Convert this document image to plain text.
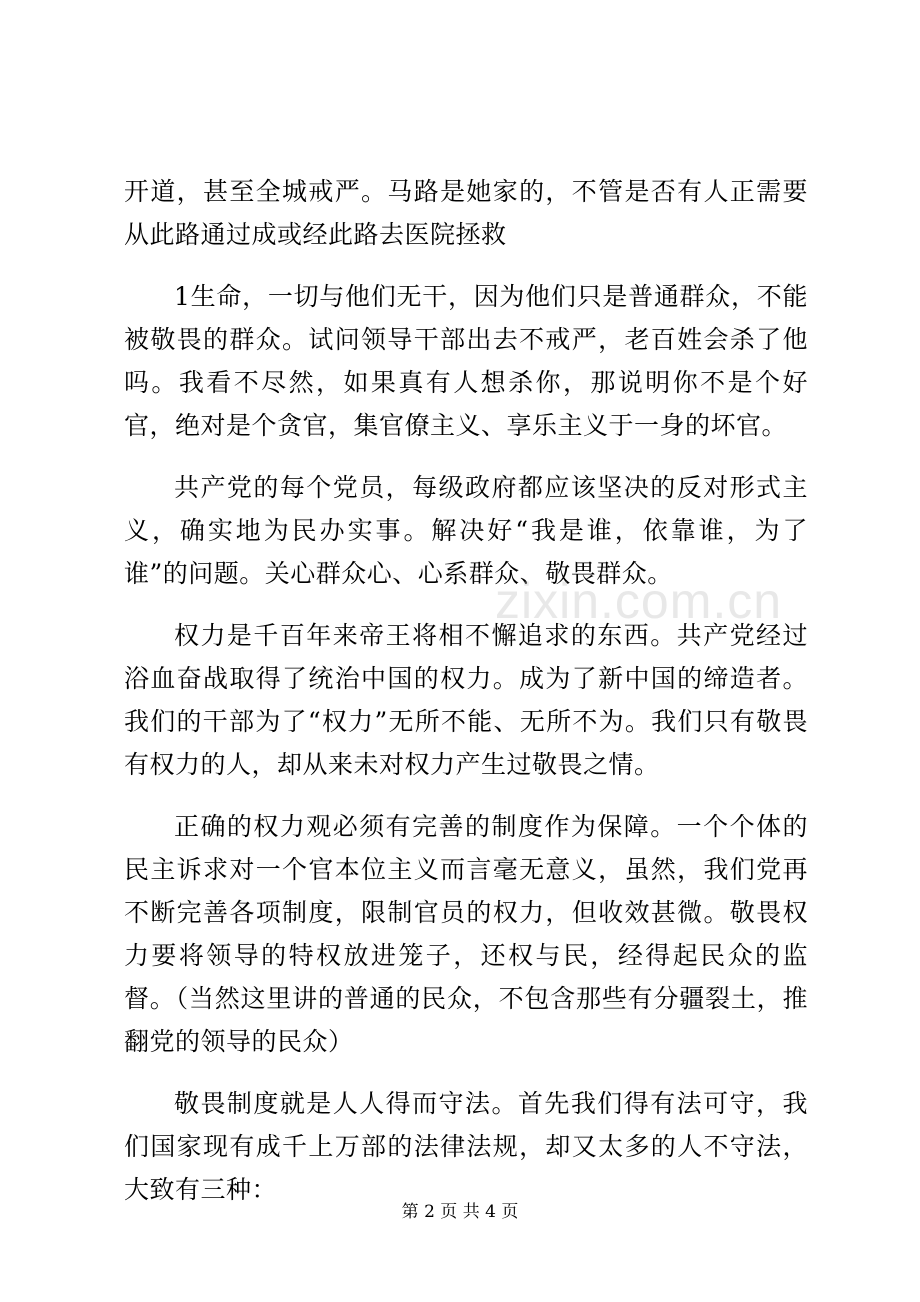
开道，甚至全城戒严。马路是她家的，不管是否有人正需要从此路通过成或经此路去医院拯救

1生命，一切与他们无干，因为他们只是普通群众，不能被敬畏的群众。试问领导干部出去不戒严，老百姓会杀了他吗。我看不尽然，如果真有人想杀你，那说明你不是个好官，绝对是个贪官，集官僚主义、享乐主义于一身的坏官。

共产党的每个党员，每级政府都应该坚决的反对形式主义，确实地为民办实事。解决好“我是谁，依靠谁，为了谁”的问题。关心群众心、心系群众、敬畏群众。

权力是千百年来帝王将相不懈追求的东西。共产党经过浴血奋战取得了统治中国的权力。成为了新中国的缔造者。我们的干部为了“权力”无所不能、无所不为。我们只有敬畏有权力的人，却从来未对权力产生过敬畏之情。

正确的权力观必须有完善的制度作为保障。一个个体的民主诉求对一个官本位主义而言毫无意义，虽然，我们党再不断完善各项制度，限制官员的权力，但收效甚微。敬畏权力要将领导的特权放进笼子，还权与民，经得起民众的监督。（当然这里讲的普通的民众，不包含那些有分疆裂土，推翻党的领导的民众）

敬畏制度就是人人得而守法。首先我们得有法可守，我们国家现有成千上万部的法律法规，却又太多的人不守法，大致有三种：

zixin.com.cn
第 2 页 共 4 页
